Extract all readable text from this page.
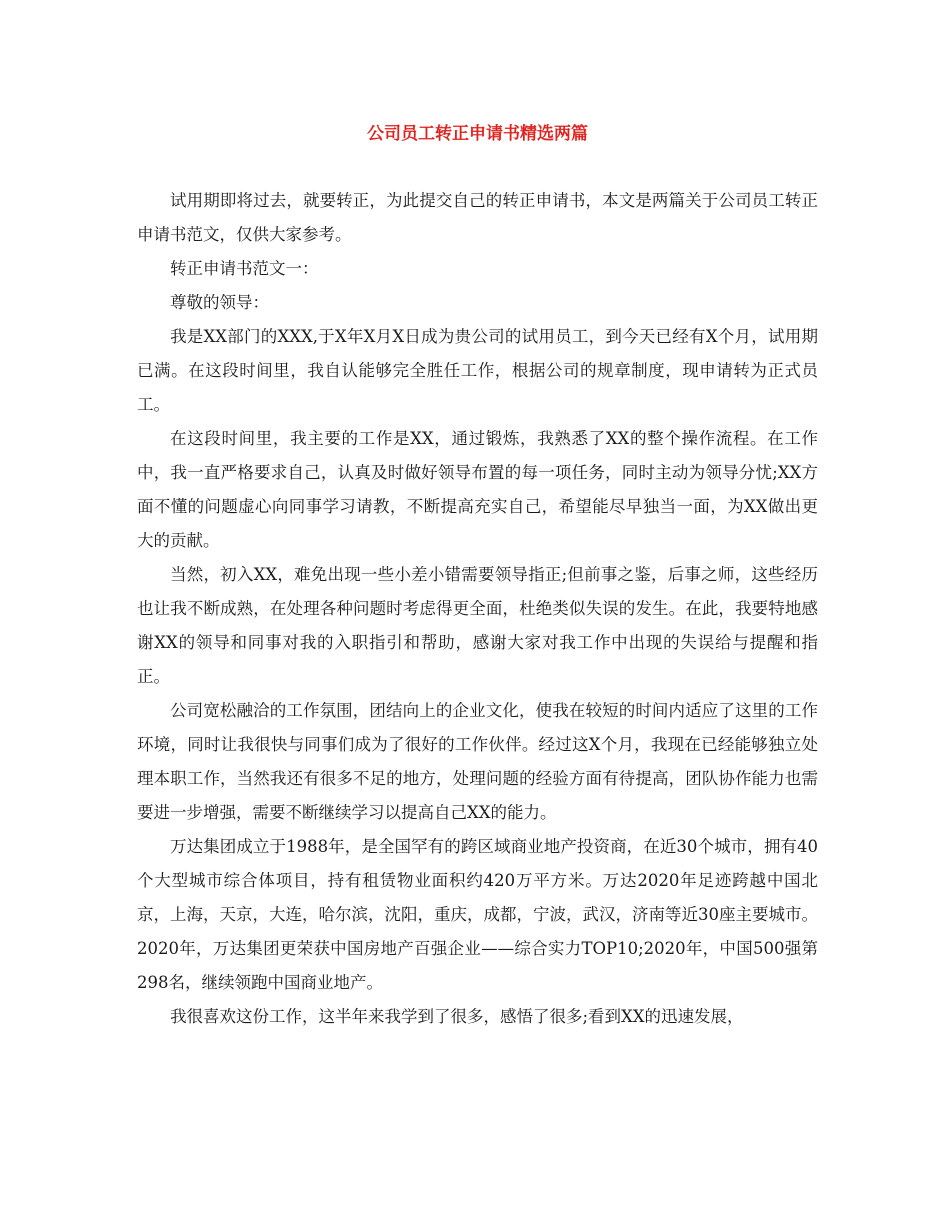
公司员工转正申请书精选两篇

试用期即将过去，就要转正，为此提交自己的转正申请书，本文是两篇关于公司员工转正申请书范文，仅供大家参考。

转正申请书范文一：

尊敬的领导：

我是XX部门的XXX,于X年X月X日成为贵公司的试用员工，到今天已经有X个月，试用期已满。在这段时间里，我自认能够完全胜任工作，根据公司的规章制度，现申请转为正式员工。

在这段时间里，我主要的工作是XX，通过锻炼，我熟悉了XX的整个操作流程。在工作中，我一直严格要求自己，认真及时做好领导布置的每一项任务，同时主动为领导分忧;XX方面不懂的问题虚心向同事学习请教，不断提高充实自己，希望能尽早独当一面，为XX做出更大的贡献。

当然，初入XX，难免出现一些小差小错需要领导指正;但前事之鉴，后事之师，这些经历也让我不断成熟，在处理各种问题时考虑得更全面，杜绝类似失误的发生。在此，我要特地感谢XX的领导和同事对我的入职指引和帮助，感谢大家对我工作中出现的失误给与提醒和指正。

公司宽松融洽的工作氛围，团结向上的企业文化，使我在较短的时间内适应了这里的工作环境，同时让我很快与同事们成为了很好的工作伙伴。经过这X个月，我现在已经能够独立处理本职工作，当然我还有很多不足的地方，处理问题的经验方面有待提高，团队协作能力也需要进一步增强，需要不断继续学习以提高自己XX的能力。

万达集团成立于1988年，是全国罕有的跨区域商业地产投资商，在近30个城市，拥有40个大型城市综合体项目，持有租赁物业面积约420万平方米。万达2020年足迹跨越中国北京，上海，天京，大连，哈尔滨，沈阳，重庆，成都，宁波，武汉，济南等近30座主要城市。2020年，万达集团更荣获中国房地产百强企业——综合实力TOP10;2020年，中国500强第298名，继续领跑中国商业地产。

我很喜欢这份工作，这半年来我学到了很多，感悟了很多;看到XX的迅速发展，
